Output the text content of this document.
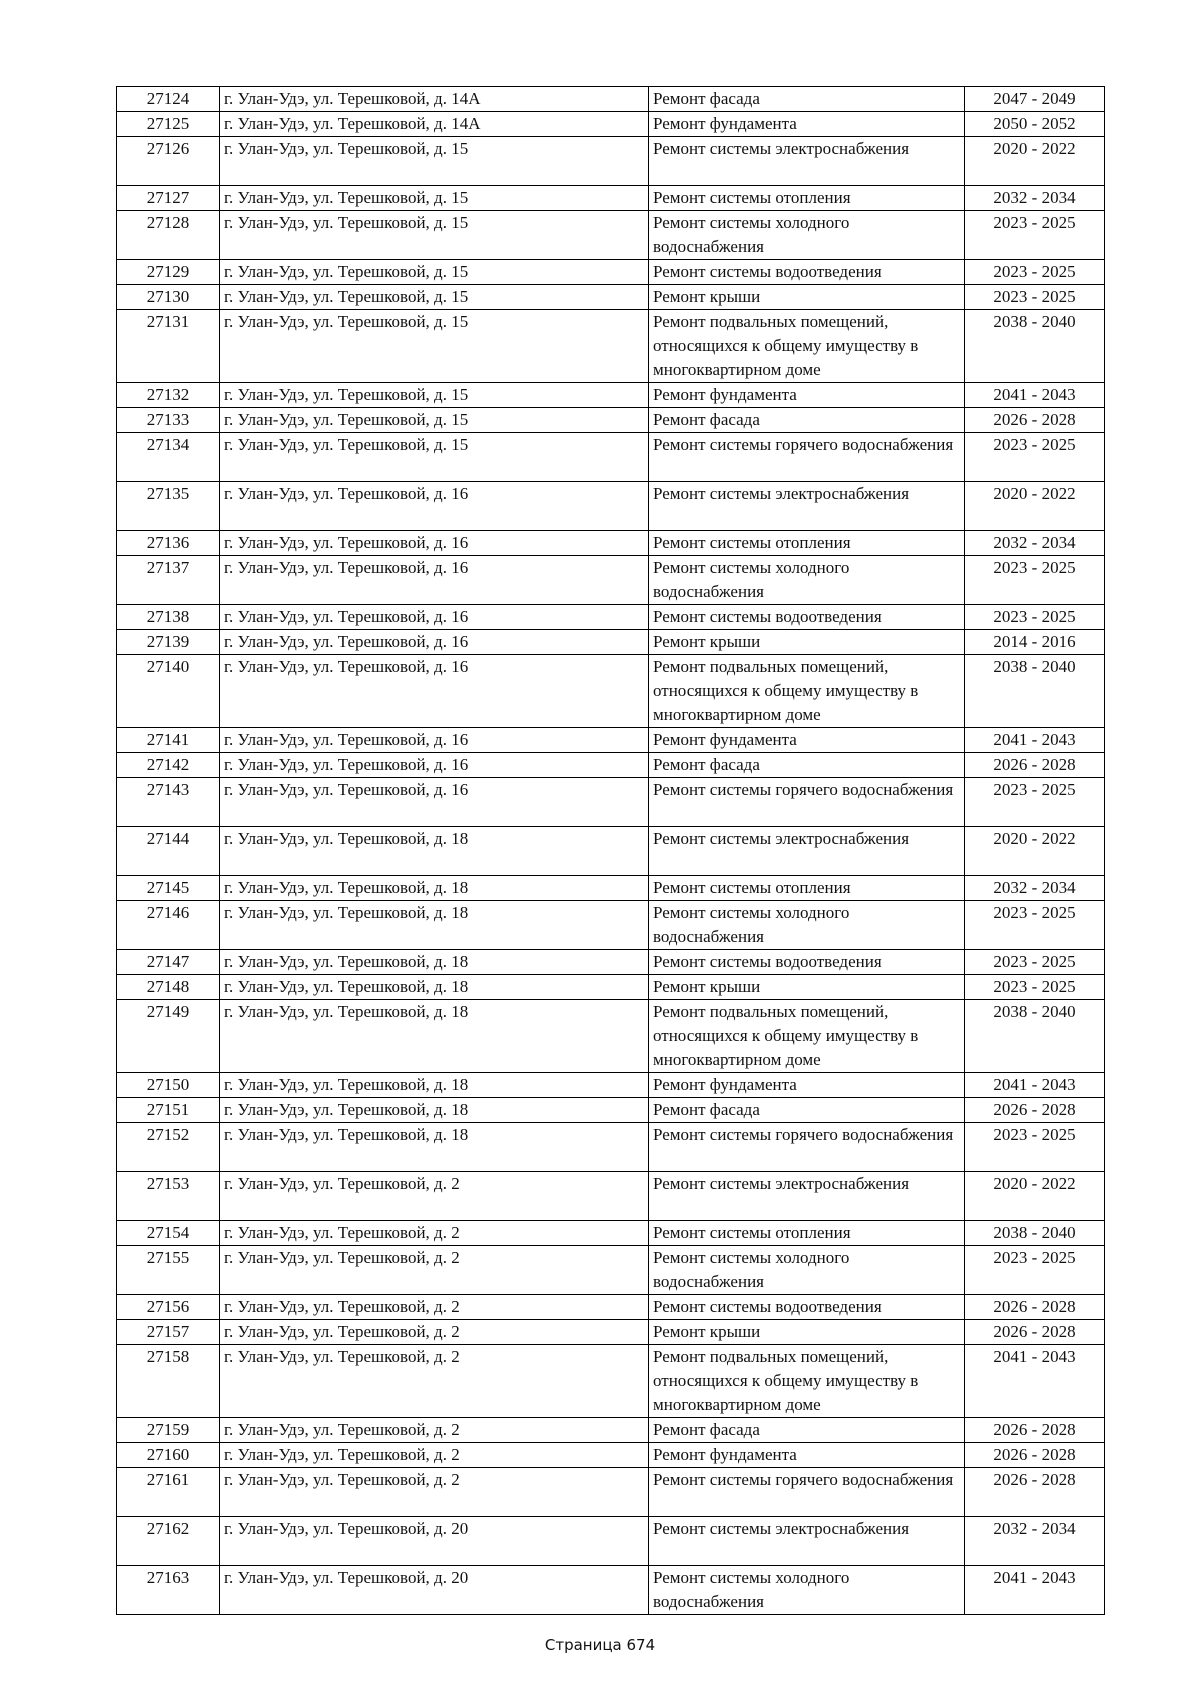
27124	г. Улан-Удэ, ул. Терешковой, д. 14А	Ремонт фасада	2047 - 2049
27125	г. Улан-Удэ, ул. Терешковой, д. 14А	Ремонт фундамента	2050 - 2052
27126	г. Улан-Удэ, ул. Терешковой, д. 15	Ремонт системы электроснабжения	2020 - 2022
27127	г. Улан-Удэ, ул. Терешковой, д. 15	Ремонт системы отопления	2032 - 2034
27128	г. Улан-Удэ, ул. Терешковой, д. 15	Ремонт системы холодного водоснабжения	2023 - 2025
27129	г. Улан-Удэ, ул. Терешковой, д. 15	Ремонт системы водоотведения	2023 - 2025
27130	г. Улан-Удэ, ул. Терешковой, д. 15	Ремонт крыши	2023 - 2025
27131	г. Улан-Удэ, ул. Терешковой, д. 15	Ремонт подвальных помещений, относящихся к общему имуществу в многоквартирном доме	2038 - 2040
27132	г. Улан-Удэ, ул. Терешковой, д. 15	Ремонт фундамента	2041 - 2043
27133	г. Улан-Удэ, ул. Терешковой, д. 15	Ремонт фасада	2026 - 2028
27134	г. Улан-Удэ, ул. Терешковой, д. 15	Ремонт системы горячего водоснабжения	2023 - 2025
27135	г. Улан-Удэ, ул. Терешковой, д. 16	Ремонт системы электроснабжения	2020 - 2022
27136	г. Улан-Удэ, ул. Терешковой, д. 16	Ремонт системы отопления	2032 - 2034
27137	г. Улан-Удэ, ул. Терешковой, д. 16	Ремонт системы холодного водоснабжения	2023 - 2025
27138	г. Улан-Удэ, ул. Терешковой, д. 16	Ремонт системы водоотведения	2023 - 2025
27139	г. Улан-Удэ, ул. Терешковой, д. 16	Ремонт крыши	2014 - 2016
27140	г. Улан-Удэ, ул. Терешковой, д. 16	Ремонт подвальных помещений, относящихся к общему имуществу в многоквартирном доме	2038 - 2040
27141	г. Улан-Удэ, ул. Терешковой, д. 16	Ремонт фундамента	2041 - 2043
27142	г. Улан-Удэ, ул. Терешковой, д. 16	Ремонт фасада	2026 - 2028
27143	г. Улан-Удэ, ул. Терешковой, д. 16	Ремонт системы горячего водоснабжения	2023 - 2025
27144	г. Улан-Удэ, ул. Терешковой, д. 18	Ремонт системы электроснабжения	2020 - 2022
27145	г. Улан-Удэ, ул. Терешковой, д. 18	Ремонт системы отопления	2032 - 2034
27146	г. Улан-Удэ, ул. Терешковой, д. 18	Ремонт системы холодного водоснабжения	2023 - 2025
27147	г. Улан-Удэ, ул. Терешковой, д. 18	Ремонт системы водоотведения	2023 - 2025
27148	г. Улан-Удэ, ул. Терешковой, д. 18	Ремонт крыши	2023 - 2025
27149	г. Улан-Удэ, ул. Терешковой, д. 18	Ремонт подвальных помещений, относящихся к общему имуществу в многоквартирном доме	2038 - 2040
27150	г. Улан-Удэ, ул. Терешковой, д. 18	Ремонт фундамента	2041 - 2043
27151	г. Улан-Удэ, ул. Терешковой, д. 18	Ремонт фасада	2026 - 2028
27152	г. Улан-Удэ, ул. Терешковой, д. 18	Ремонт системы горячего водоснабжения	2023 - 2025
27153	г. Улан-Удэ, ул. Терешковой, д. 2	Ремонт системы электроснабжения	2020 - 2022
27154	г. Улан-Удэ, ул. Терешковой, д. 2	Ремонт системы отопления	2038 - 2040
27155	г. Улан-Удэ, ул. Терешковой, д. 2	Ремонт системы холодного водоснабжения	2023 - 2025
27156	г. Улан-Удэ, ул. Терешковой, д. 2	Ремонт системы водоотведения	2026 - 2028
27157	г. Улан-Удэ, ул. Терешковой, д. 2	Ремонт крыши	2026 - 2028
27158	г. Улан-Удэ, ул. Терешковой, д. 2	Ремонт подвальных помещений, относящихся к общему имуществу в многоквартирном доме	2041 - 2043
27159	г. Улан-Удэ, ул. Терешковой, д. 2	Ремонт фасада	2026 - 2028
27160	г. Улан-Удэ, ул. Терешковой, д. 2	Ремонт фундамента	2026 - 2028
27161	г. Улан-Удэ, ул. Терешковой, д. 2	Ремонт системы горячего водоснабжения	2026 - 2028
27162	г. Улан-Удэ, ул. Терешковой, д. 20	Ремонт системы электроснабжения	2032 - 2034
27163	г. Улан-Удэ, ул. Терешковой, д. 20	Ремонт системы холодного водоснабжения	2041 - 2043
Страница 674
